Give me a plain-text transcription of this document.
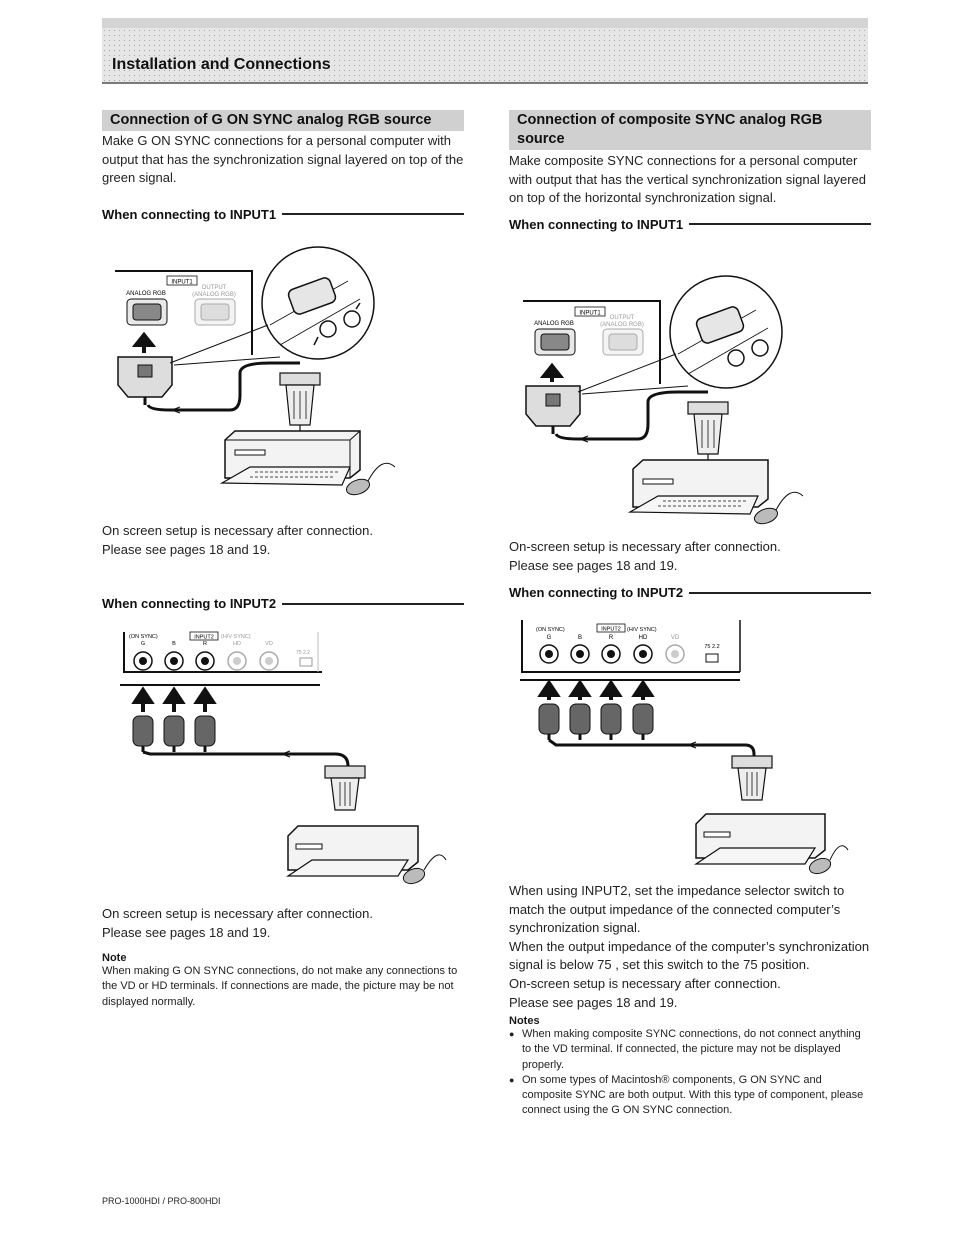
Installation and Connections
Connection of G ON SYNC analog RGB source

Make G ON SYNC connections for a personal computer with output that has the synchronization signal layered on top of the green signal.

When connecting to INPUT1
INPUT1
ANALOG RGB
OUTPUT
(ANALOG RGB)

On screen setup is necessary after connection.

Please see pages 18 and 19.

When connecting to INPUT2
(ON SYNC)	INPUT2 (H/V SYNC)
G	B	R	HD	VD
75 2.2

On screen setup is necessary after connection.

Please see pages 18 and 19.

Note

When making G ON SYNC connections, do not make any connections to the VD or HD terminals. If connections are made, the picture may be not displayed normally.

Connection of composite SYNC analog RGB source

Make composite SYNC connections for a personal computer with output that has the vertical synchronization signal layered on top of the horizontal synchronization signal.

When connecting to INPUT1
INPUT1
ANALOG RGB
OUTPUT
(ANALOG RGB)

On-screen setup is necessary after connection.

Please see pages 18 and 19.

When connecting to INPUT2
(ON SYNC)	INPUT2 (H/V SYNC)
G	B	R	HD	VD
75 2.2

When using INPUT2, set the impedance selector switch to match the output impedance of the connected computer’s synchronization signal.

When the output impedance of the computer’s synchronization signal is below 75 , set this switch to the 75 position.

On-screen setup is necessary after connection.

Please see pages 18 and 19.

Notes
● When making composite SYNC connections, do not connect anything to the VD terminal. If connected, the picture may not be displayed properly.
● On some types of Macintosh® components, G ON SYNC and composite SYNC are both output. With this type of component, please connect using the G ON SYNC connection.
PRO-1000HDI / PRO-800HDI
